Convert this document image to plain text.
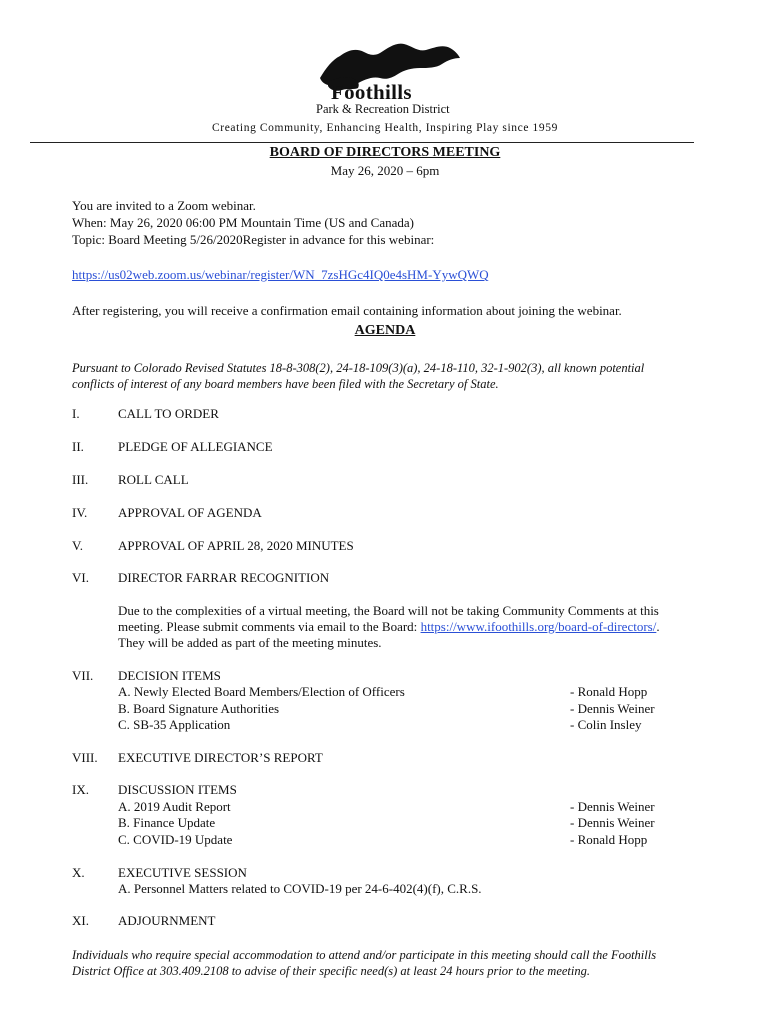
Foothills
Park & Recreation District
Creating Community, Enhancing Health, Inspiring Play since 1959
BOARD OF DIRECTORS MEETING
May 26, 2020 – 6pm
You are invited to a Zoom webinar.
When: May 26, 2020 06:00 PM Mountain Time (US and Canada)
Topic: Board Meeting 5/26/2020Register in advance for this webinar:
https://us02web.zoom.us/webinar/register/WN_7zsHGc4IQ0e4sHM-YywQWQ
After registering, you will receive a confirmation email containing information about joining the webinar.
AGENDA
Pursuant to Colorado Revised Statutes 18-8-308(2), 24-18-109(3)(a), 24-18-110, 32-1-902(3), all known potential
conflicts of interest of any board members have been filed with the Secretary of State.
I.	CALL TO ORDER
II.	PLEDGE OF ALLEGIANCE
III. ROLL CALL
IV. APPROVAL OF AGENDA
V.	APPROVAL OF APRIL 28, 2020 MINUTES
VI. DIRECTOR FARRAR RECOGNITION
Due to the complexities of a virtual meeting, the Board will not be taking Community Comments at this
meeting. Please submit comments via email to the Board: https://www.ifoothills.org/board-of-directors/.
They will be added as part of the meeting minutes.
VII. DECISION ITEMS
A. Newly Elected Board Members/Election of Officers	- Ronald Hopp
B. Board Signature Authorities	- Dennis Weiner
C. SB-35 Application	- Colin Insley
VIII. EXECUTIVE DIRECTOR’S REPORT
IX. DISCUSSION ITEMS
A. 2019 Audit Report	- Dennis Weiner
B. Finance Update	- Dennis Weiner
C. COVID-19 Update	- Ronald Hopp
X.	EXECUTIVE SESSION
A. Personnel Matters related to COVID-19 per 24-6-402(4)(f), C.R.S.
XI. ADJOURNMENT
Individuals who require special accommodation to attend and/or participate in this meeting should call the Foothills
District Office at 303.409.2108 to advise of their specific need(s) at least 24 hours prior to the meeting.
